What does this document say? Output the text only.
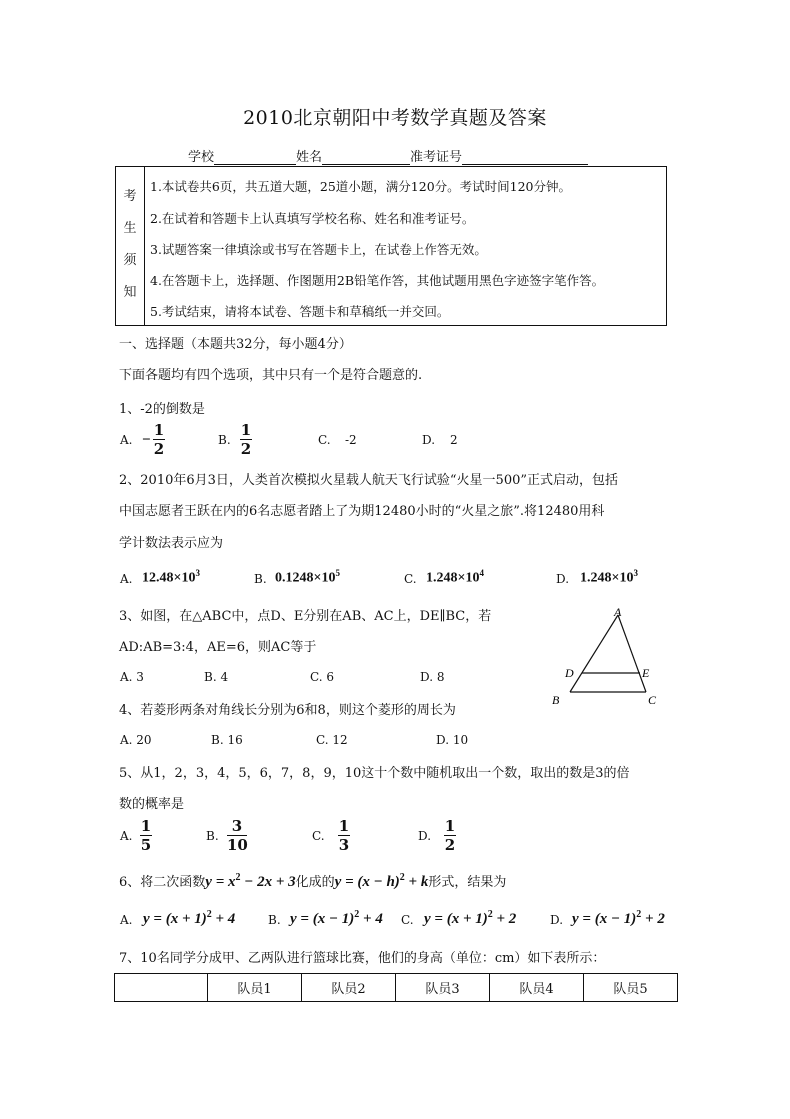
2010北京朝阳中考数学真题及答案
学校	姓名	准考证号
考
生
须
知
1.本试卷共6页，共五道大题，25道小题，满分120分。考试时间120分钟。
2.在试着和答题卡上认真填写学校名称、姓名和准考证号。
3.试题答案一律填涂或书写在答题卡上，在试卷上作答无效。
4.在答题卡上，选择题、作图题用2B铅笔作答，其他试题用黑色字迹签字笔作答。
5.考试结束，请将本试卷、答题卡和草稿纸一并交回。
一、选择题（本题共32分，每小题4分）
下面各题均有四个选项，其中只有一个是符合题意的.
1、-2的倒数是
A. −
1
2	B.
1
2	C. -2	D. 2
2、2010年6月3日，人类首次模拟火星载人航天飞行试验“火星一500”正式启动，包括
中国志愿者王跃在内的6名志愿者踏上了为期12480小时的“火星之旅”.将12480用科
学计数法表示应为
A. $12.48\times 10^3$	B. $0.1248\times 10^5$	C. $1.248\times 10^4$	D. $1.248\times 10^3$
3、如图，在△ABC中，点D、E分别在AB、AC上，DE∥BC，若
AD:AB=3:4，AE=6，则AC等于
A. 3	B. 4	C. 6	D. 8
A
D	E
B	C
4、若菱形两条对角线长分别为6和8，则这个菱形的周长为
A. 20	B. 16	C. 12	D. 10
5、从1，2，3，4，5，6，7，8，9，10这十个数中随机取出一个数，取出的数是3的倍
数的概率是
A.
1
5	B.
3
10	C.
1
3	D.
1
2
6、将二次函数$y = x^2 - 2x + 3$化成的$y = (x - h)^2 + k$形式，结果为
A. $y = (x + 1)^2 + 4$	B. $y = (x - 1)^2 + 4$ C. $y = (x + 1)^2 + 2$	D. $y = (x - 1)^2 + 2$
7、10名同学分成甲、乙两队进行篮球比赛，他们的身高（单位：cm）如下表所示：
	队员1	队员2	队员3	队员4	队员5
